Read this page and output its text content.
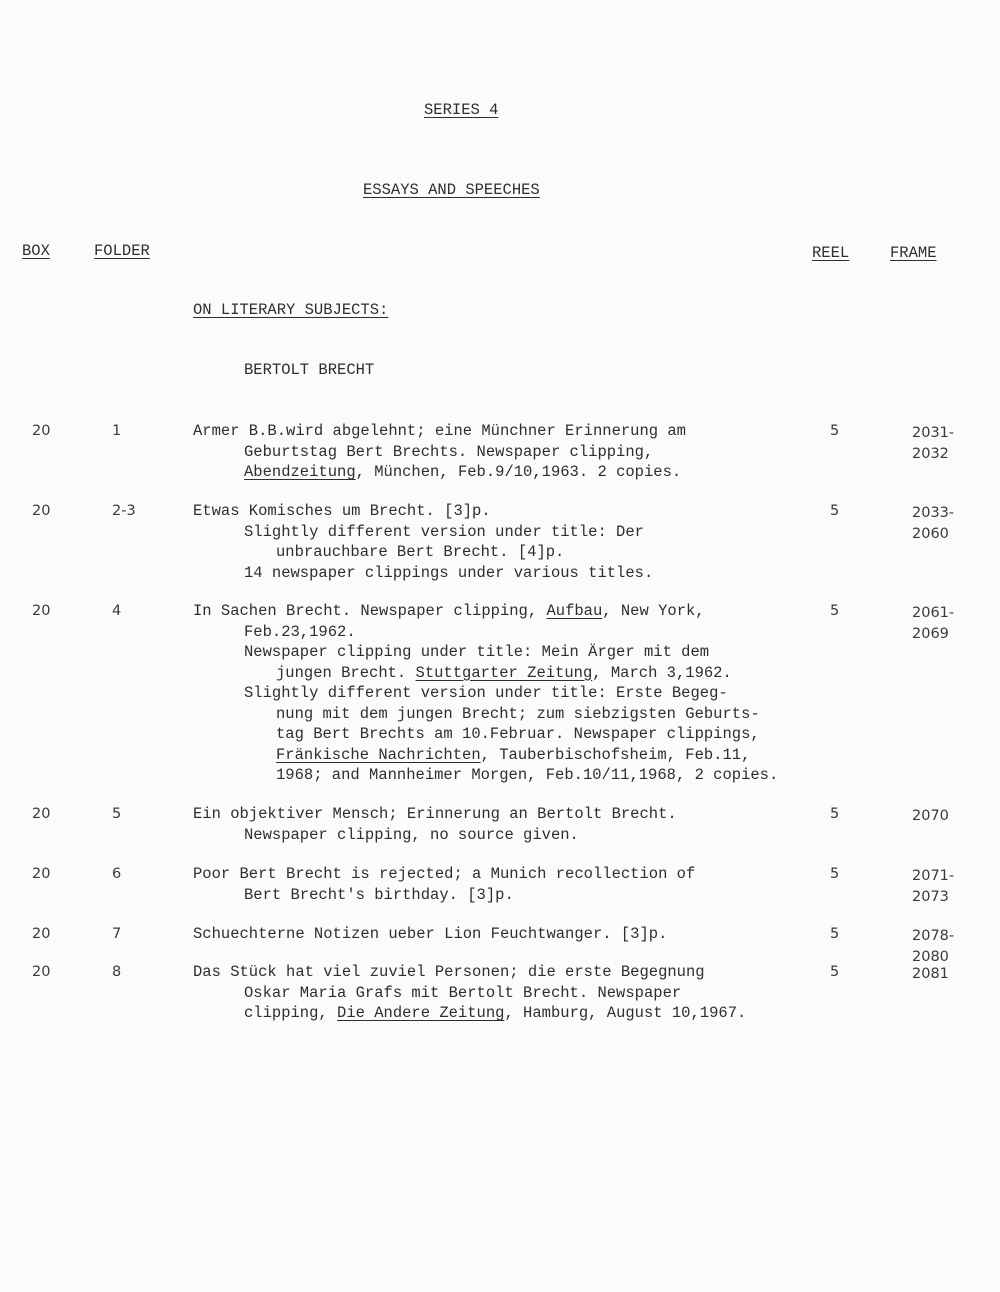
SERIES 4
ESSAYS AND SPEECHES
BOX	FOLDER	REEL	FRAME
ON LITERARY SUBJECTS:
BERTOLT BRECHT
20	1	Armer B.B.wird abgelehnt; eine Münchner Erinnerung am
Geburtstag Bert Brechts. Newspaper clipping,
Abendzeitung, München, Feb.9/10,1963. 2 copies.
5	2031-
2032
20	2-3	Etwas Komisches um Brecht. [3]p.
Slightly different version under title: Der
unbrauchbare Bert Brecht. [4]p.
14 newspaper clippings under various titles.
5	2033-
2060
20	4	In Sachen Brecht. Newspaper clipping, Aufbau, New York,
Feb.23,1962.
Newspaper clipping under title: Mein Ärger mit dem
jungen Brecht. Stuttgarter Zeitung, March 3,1962.
Slightly different version under title: Erste Begeg-
nung mit dem jungen Brecht; zum siebzigsten Geburts-
tag Bert Brechts am 10.Februar. Newspaper clippings,
Fränkische Nachrichten, Tauberbischofsheim, Feb.11,
1968; and Mannheimer Morgen, Feb.10/11,1968, 2 copies.
5	2061-
2069
20	5	Ein objektiver Mensch; Erinnerung an Bertolt Brecht.
Newspaper clipping, no source given.
5	2070
20	6	Poor Bert Brecht is rejected; a Munich recollection of
Bert Brecht's birthday. [3]p.
5	2071-
2073
20	7	Schuechterne Notizen ueber Lion Feuchtwanger. [3]p.	5	2078-
2080
20	8	Das Stück hat viel zuviel Personen; die erste Begegnung
Oskar Maria Grafs mit Bertolt Brecht. Newspaper
clipping, Die Andere Zeitung, Hamburg, August 10,1967.
5	2081
